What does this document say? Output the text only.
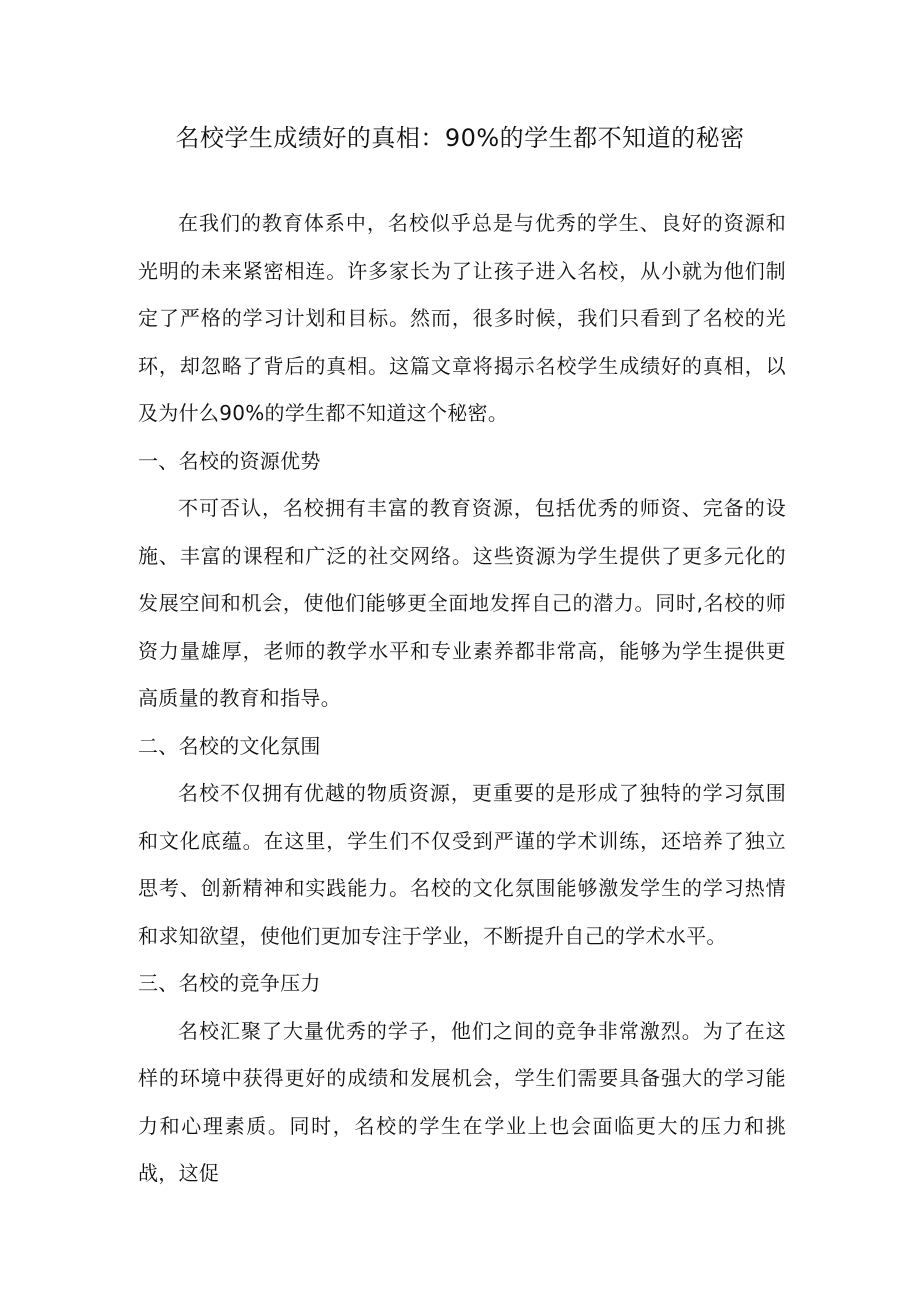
名校学生成绩好的真相：90%的学生都不知道的秘密

在我们的教育体系中，名校似乎总是与优秀的学生、良好的资源和光明的未来紧密相连。许多家长为了让孩子进入名校，从小就为他们制定了严格的学习计划和目标。然而，很多时候，我们只看到了名校的光环，却忽略了背后的真相。这篇文章将揭示名校学生成绩好的真相，以及为什么90%的学生都不知道这个秘密。

一、名校的资源优势

不可否认，名校拥有丰富的教育资源，包括优秀的师资、完备的设施、丰富的课程和广泛的社交网络。这些资源为学生提供了更多元化的发展空间和机会，使他们能够更全面地发挥自己的潜力。同时,名校的师资力量雄厚，老师的教学水平和专业素养都非常高，能够为学生提供更高质量的教育和指导。

二、名校的文化氛围

名校不仅拥有优越的物质资源，更重要的是形成了独特的学习氛围和文化底蕴。在这里，学生们不仅受到严谨的学术训练，还培养了独立思考、创新精神和实践能力。名校的文化氛围能够激发学生的学习热情和求知欲望，使他们更加专注于学业，不断提升自己的学术水平。

三、名校的竞争压力

名校汇聚了大量优秀的学子，他们之间的竞争非常激烈。为了在这样的环境中获得更好的成绩和发展机会，学生们需要具备强大的学习能力和心理素质。同时，名校的学生在学业上也会面临更大的压力和挑战，这促
